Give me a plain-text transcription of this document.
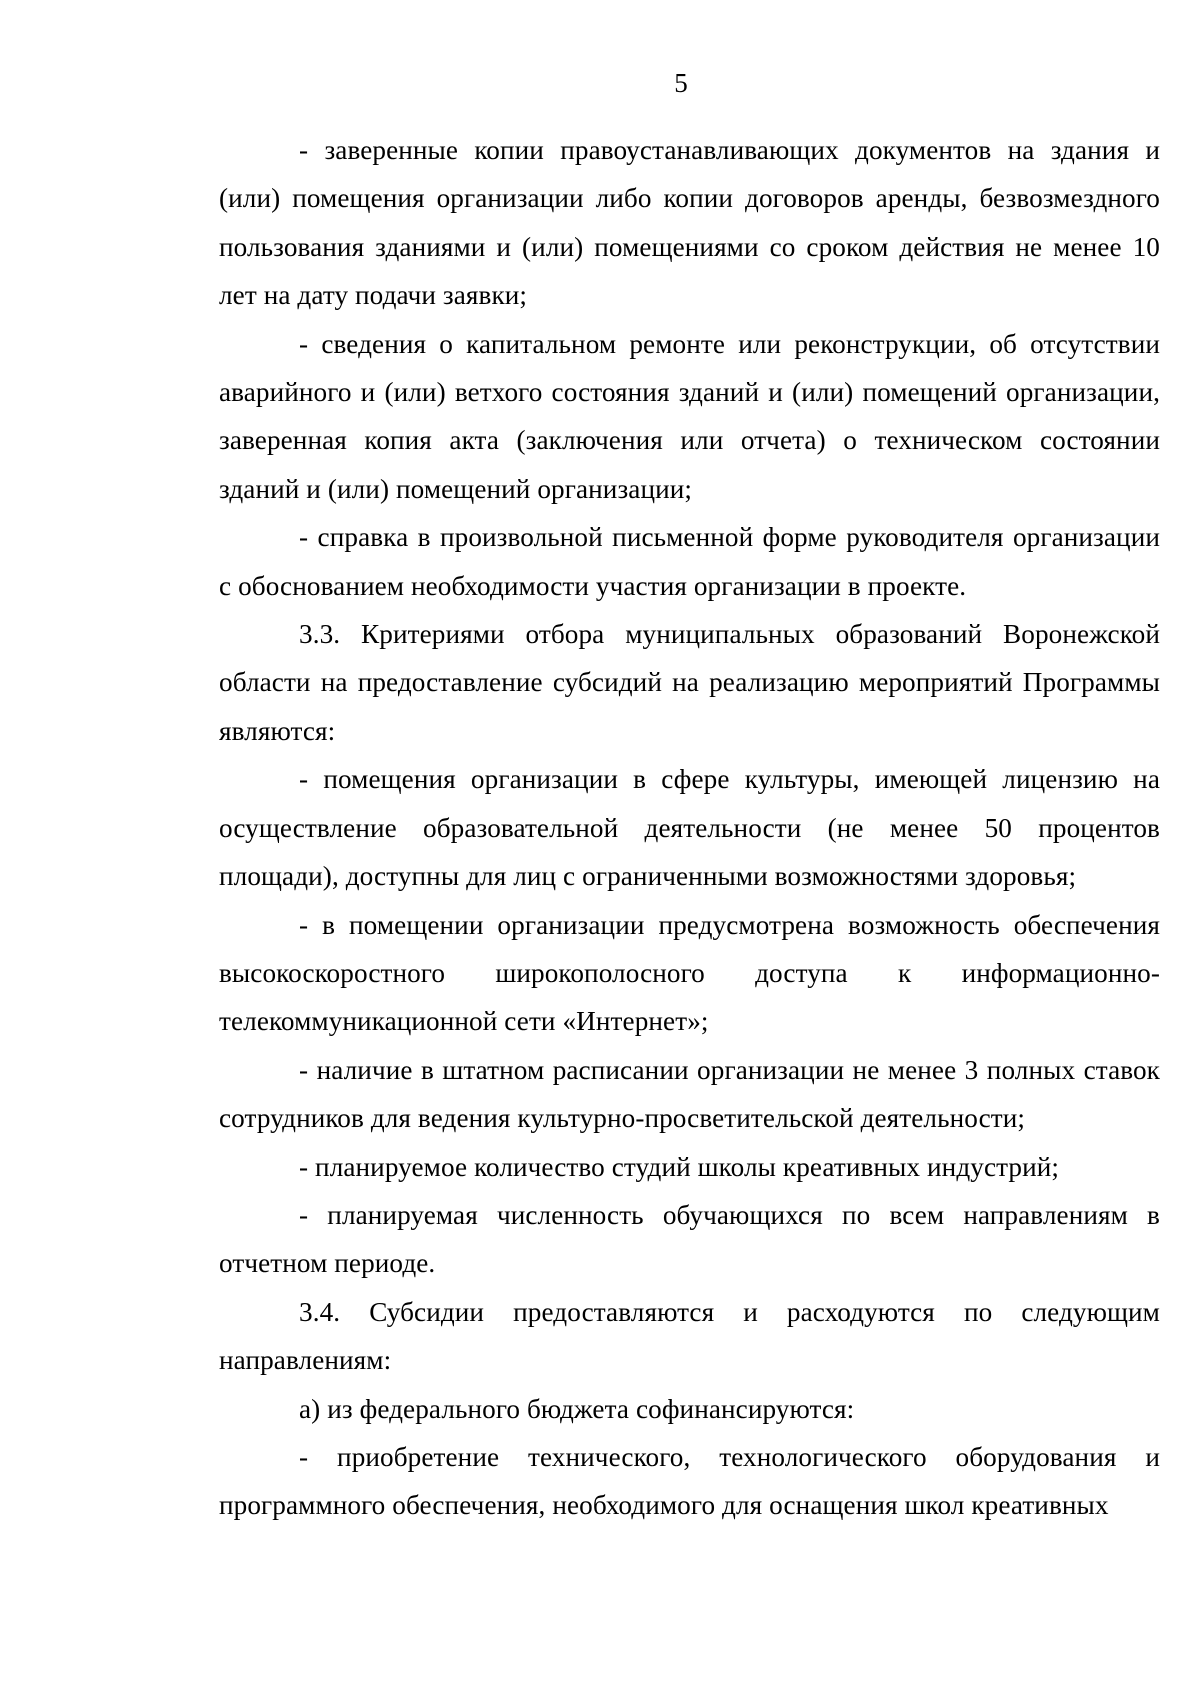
5

- заверенные копии правоустанавливающих документов на здания и (или) помещения организации либо копии договоров аренды, безвозмездного пользования зданиями и (или) помещениями со сроком действия не менее 10 лет на дату подачи заявки;

- сведения о капитальном ремонте или реконструкции, об отсутствии аварийного и (или) ветхого состояния зданий и (или) помещений организации, заверенная копия акта (заключения или отчета) о техническом состоянии зданий и (или) помещений организации;

- справка в произвольной письменной форме руководителя организации с обоснованием необходимости участия организации в проекте.

3.3. Критериями отбора муниципальных образований Воронежской области на предоставление субсидий на реализацию мероприятий Программы являются:

- помещения организации в сфере культуры, имеющей лицензию на осуществление образовательной деятельности (не менее 50 процентов площади), доступны для лиц с ограниченными возможностями здоровья;

- в помещении организации предусмотрена возможность обеспечения высокоскоростного широкополосного доступа к информационно-телекоммуникационной сети «Интернет»;

- наличие в штатном расписании организации не менее 3 полных ставок сотрудников для ведения культурно-просветительской деятельности;

- планируемое количество студий школы креативных индустрий;

- планируемая численность обучающихся по всем направлениям в отчетном периоде.

3.4. Субсидии предоставляются и расходуются по следующим направлениям:

а) из федерального бюджета софинансируются:

- приобретение технического, технологического оборудования и программного обеспечения, необходимого для оснащения школ креативных
